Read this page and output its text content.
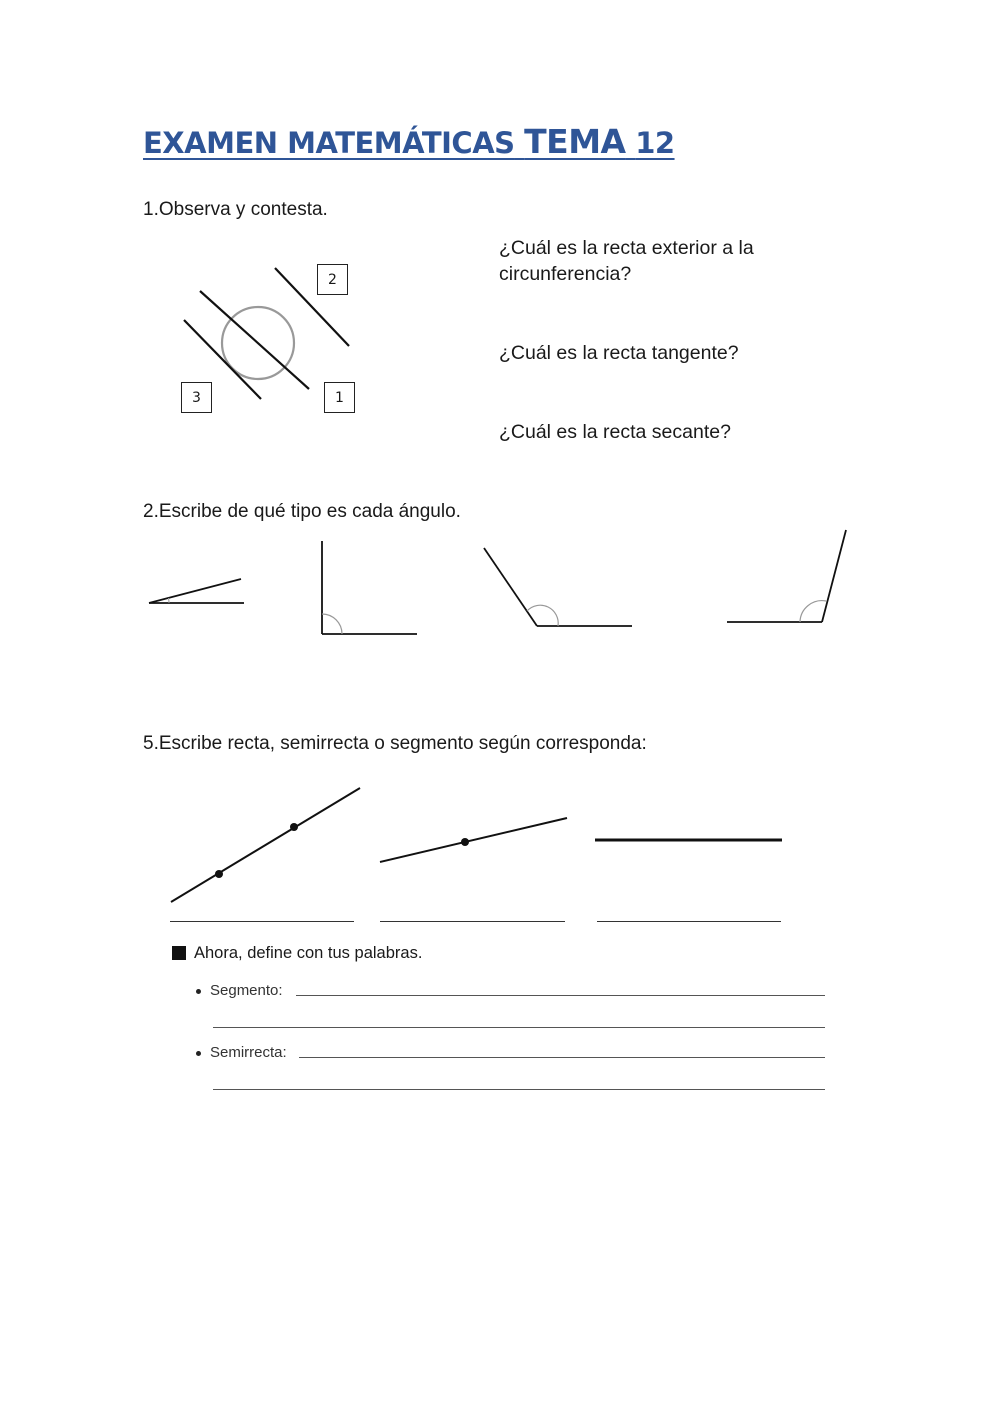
EXAMEN MATEMÁTICAS TEMA 12
1.Observa y contesta.
2
3	1
¿Cuál es la recta exterior a la circunferencia?
¿Cuál es la recta tangente?
¿Cuál es la recta secante?
2.Escribe de qué tipo es cada ángulo.
5.Escribe recta, semirrecta o segmento según corresponda:
Ahora, define con tus palabras.
Segmento:
Semirrecta:
